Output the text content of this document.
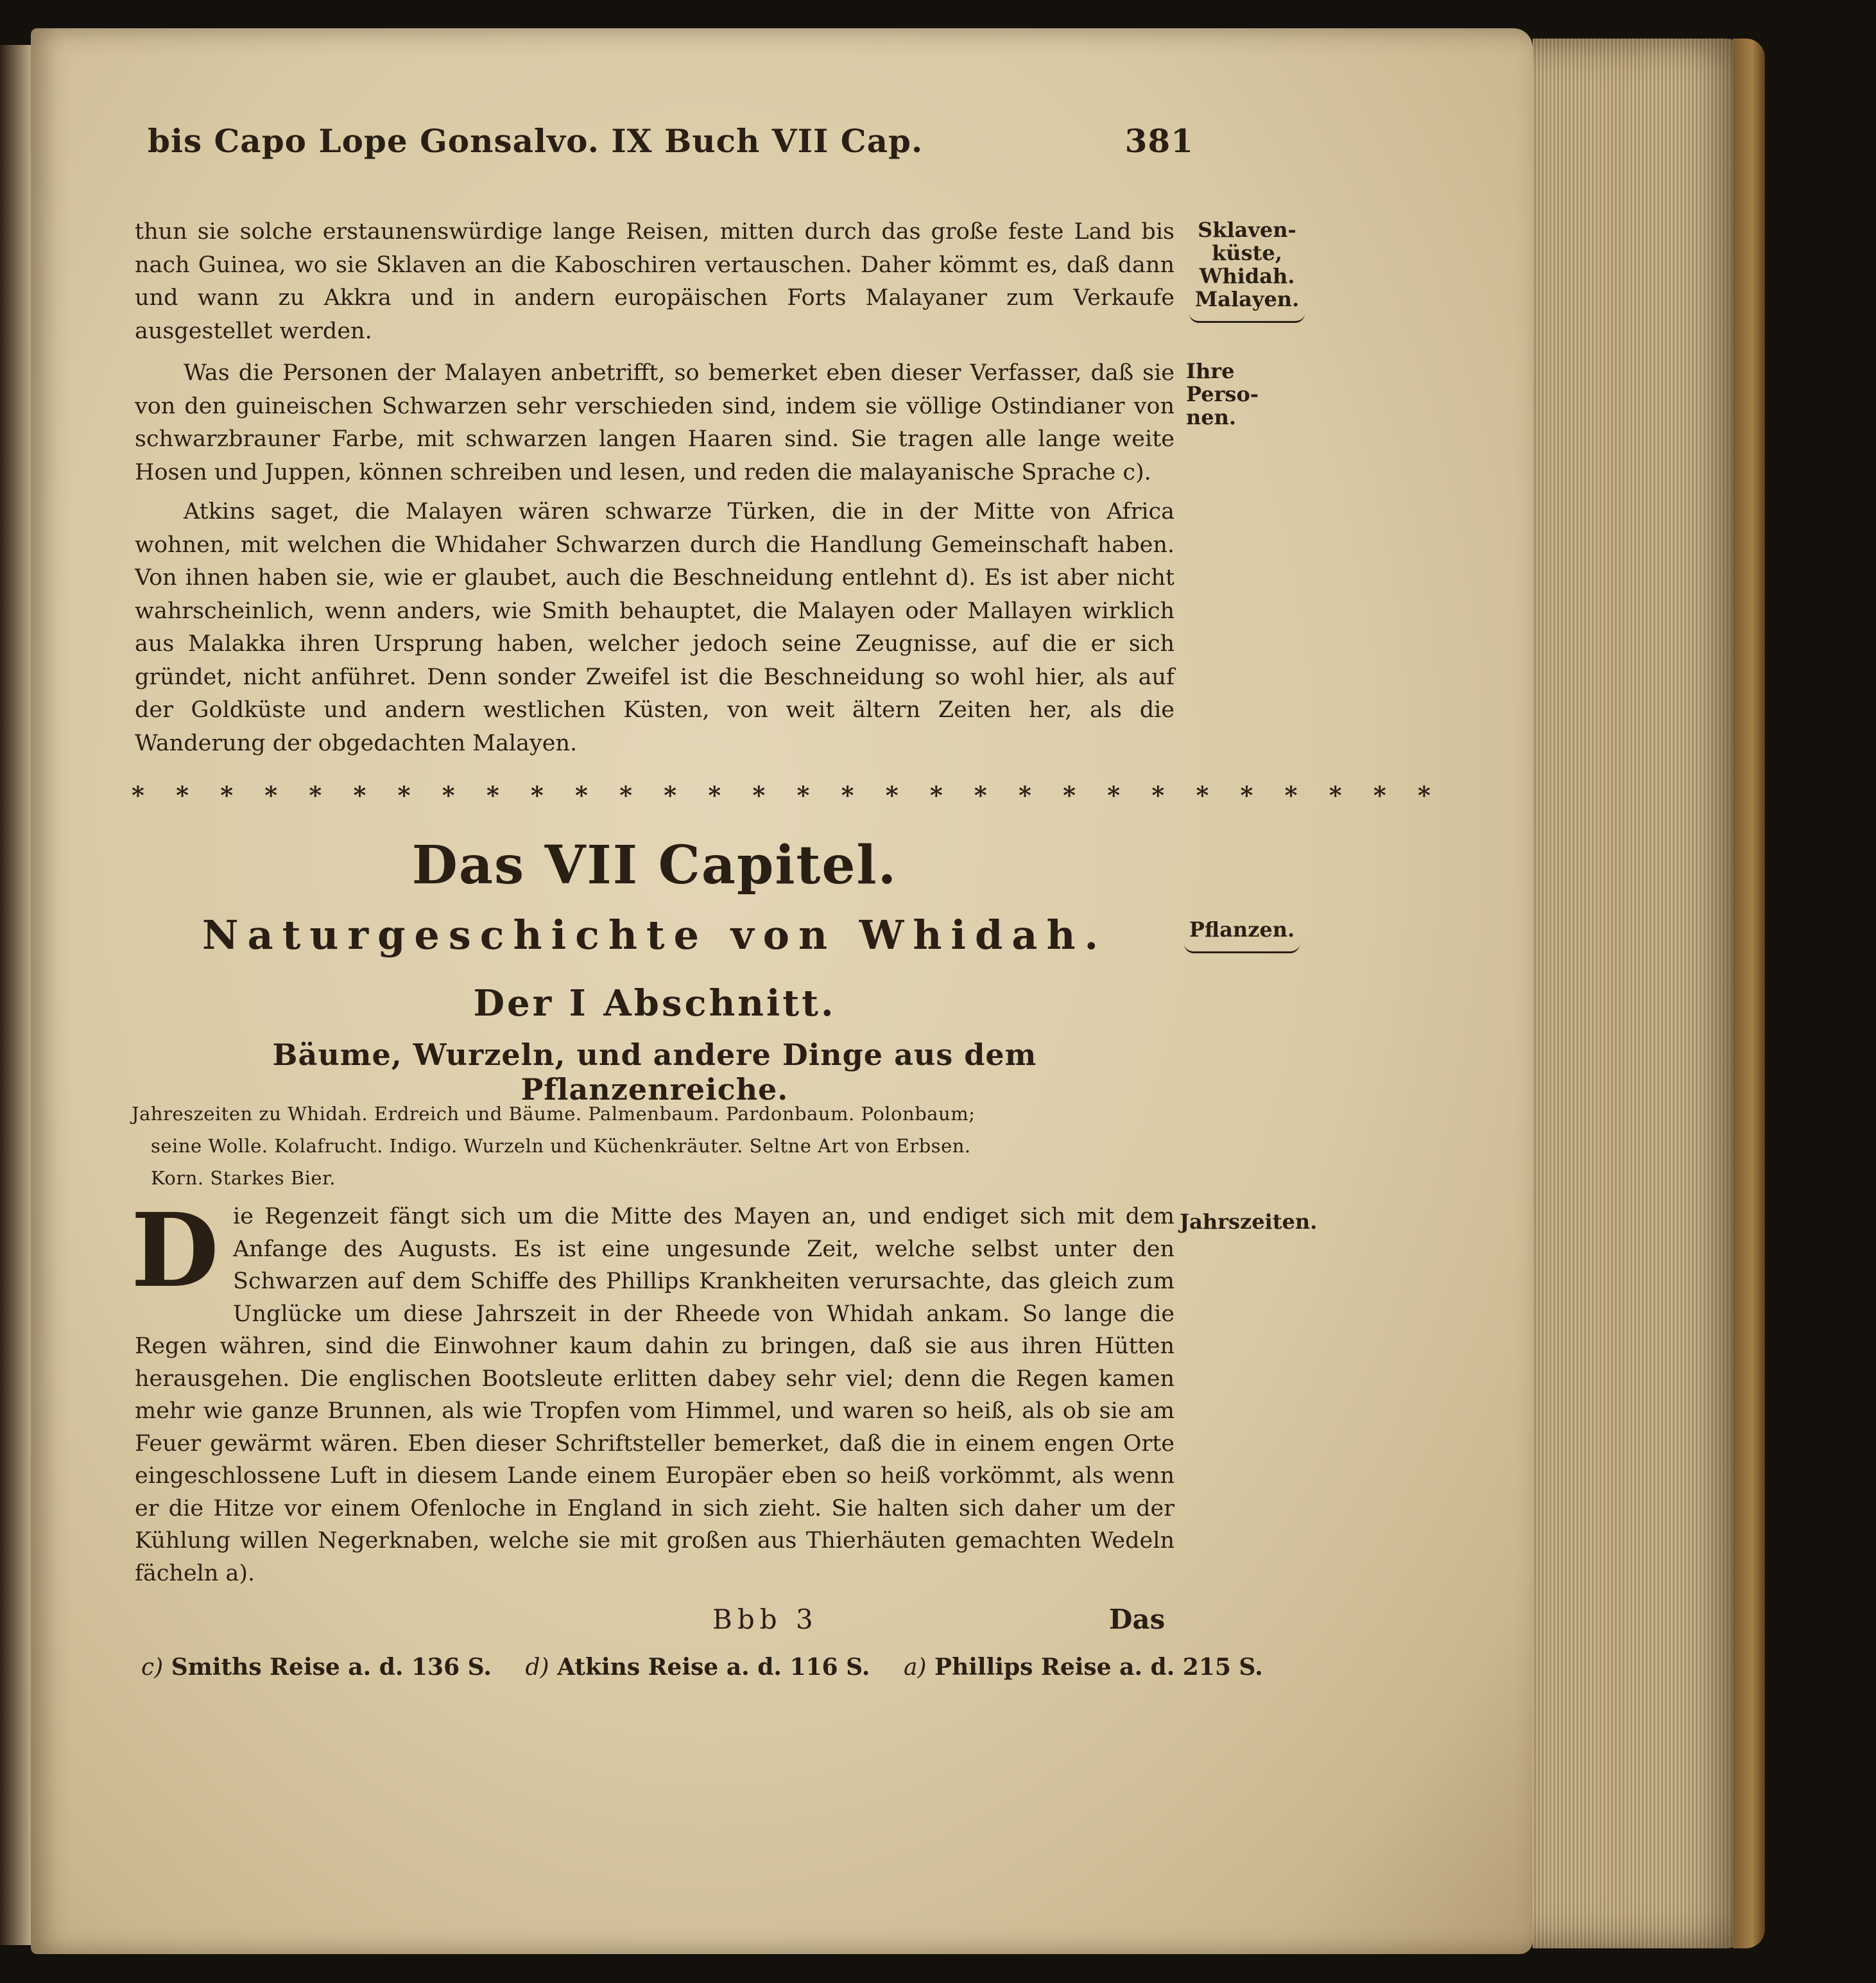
bis Capo Lope Gonsalvo. IX Buch VII Cap.	381

thun sie solche erstaunenswürdige lange Reisen, mitten durch das große feste Land bis nach Guinea, wo sie Sklaven an die Kaboschiren vertauschen. Daher kömmt es, daß dann und wann zu Akkra und in andern europäischen Forts Malayaner zum Verkaufe ausgestellet werden.

Was die Personen der Malayen anbetrifft, so bemerket eben dieser Verfasser, daß sie von den guineischen Schwarzen sehr verschieden sind, indem sie völlige Ostindianer von schwarzbrauner Farbe, mit schwarzen langen Haaren sind. Sie tragen alle lange weite Hosen und Juppen, können schreiben und lesen, und reden die malayanische Sprache c).

Atkins saget, die Malayen wären schwarze Türken, die in der Mitte von Africa wohnen, mit welchen die Whidaher Schwarzen durch die Handlung Gemeinschaft haben. Von ihnen haben sie, wie er glaubet, auch die Beschneidung entlehnt d). Es ist aber nicht wahrscheinlich, wenn anders, wie Smith behauptet, die Malayen oder Mallayen wirklich aus Malakka ihren Ursprung haben, welcher jedoch seine Zeugnisse, auf die er sich gründet, nicht anführet. Denn sonder Zweifel ist die Beschneidung so wohl hier, als auf der Goldküste und andern westlichen Küsten, von weit ältern Zeiten her, als die Wanderung der obgedachten Malayen.

* * * * * * * * * * * * * * * * * * * * * * * * * * * * * *
Das VII Capitel.
Naturgeschichte von Whidah.
Der I Abschnitt.
Bäume, Wurzeln, und andere Dinge aus dem Pflanzenreiche.
Jahreszeiten zu Whidah. Erdreich und Bäume. Palmenbaum. Pardonbaum. Polonbaum;
seine Wolle. Kolafrucht. Indigo. Wurzeln und Küchenkräuter. Seltne Art von Erbsen.
Korn. Starkes Bier.
Die Regenzeit fängt sich um die Mitte des Mayen an, und endiget sich mit dem Anfange des Augusts. Es ist eine ungesunde Zeit, welche selbst unter den Schwarzen auf dem Schiffe des Phillips Krankheiten verursachte, das gleich zum Unglücke um diese Jahrszeit in der Rheede von Whidah ankam. So lange die Regen währen, sind die Einwohner kaum dahin zu bringen, daß sie aus ihren Hütten herausgehen. Die englischen Bootsleute erlitten dabey sehr viel; denn die Regen kamen mehr wie ganze Brunnen, als wie Tropfen vom Himmel, und waren so heiß, als ob sie am Feuer gewärmt wären. Eben dieser Schriftsteller bemerket, daß die in einem engen Orte eingeschlossene Luft in diesem Lande einem Europäer eben so heiß vorkömmt, als wenn er die Hitze vor einem Ofenloche in England in sich zieht. Sie halten sich daher um der Kühlung willen Negerknaben, welche sie mit großen aus Thierhäuten gemachten Wedeln fächeln a).
Bbb 3	Das
c) Smiths Reise a. d. 136 S. d) Atkins Reise a. d. 116 S. a) Phillips Reise a. d. 215 S.
Sklaven-
küste,
Whidah.
Malayen.
Ihre Perso-
nen.
Pflanzen.
Jahrszeiten.
